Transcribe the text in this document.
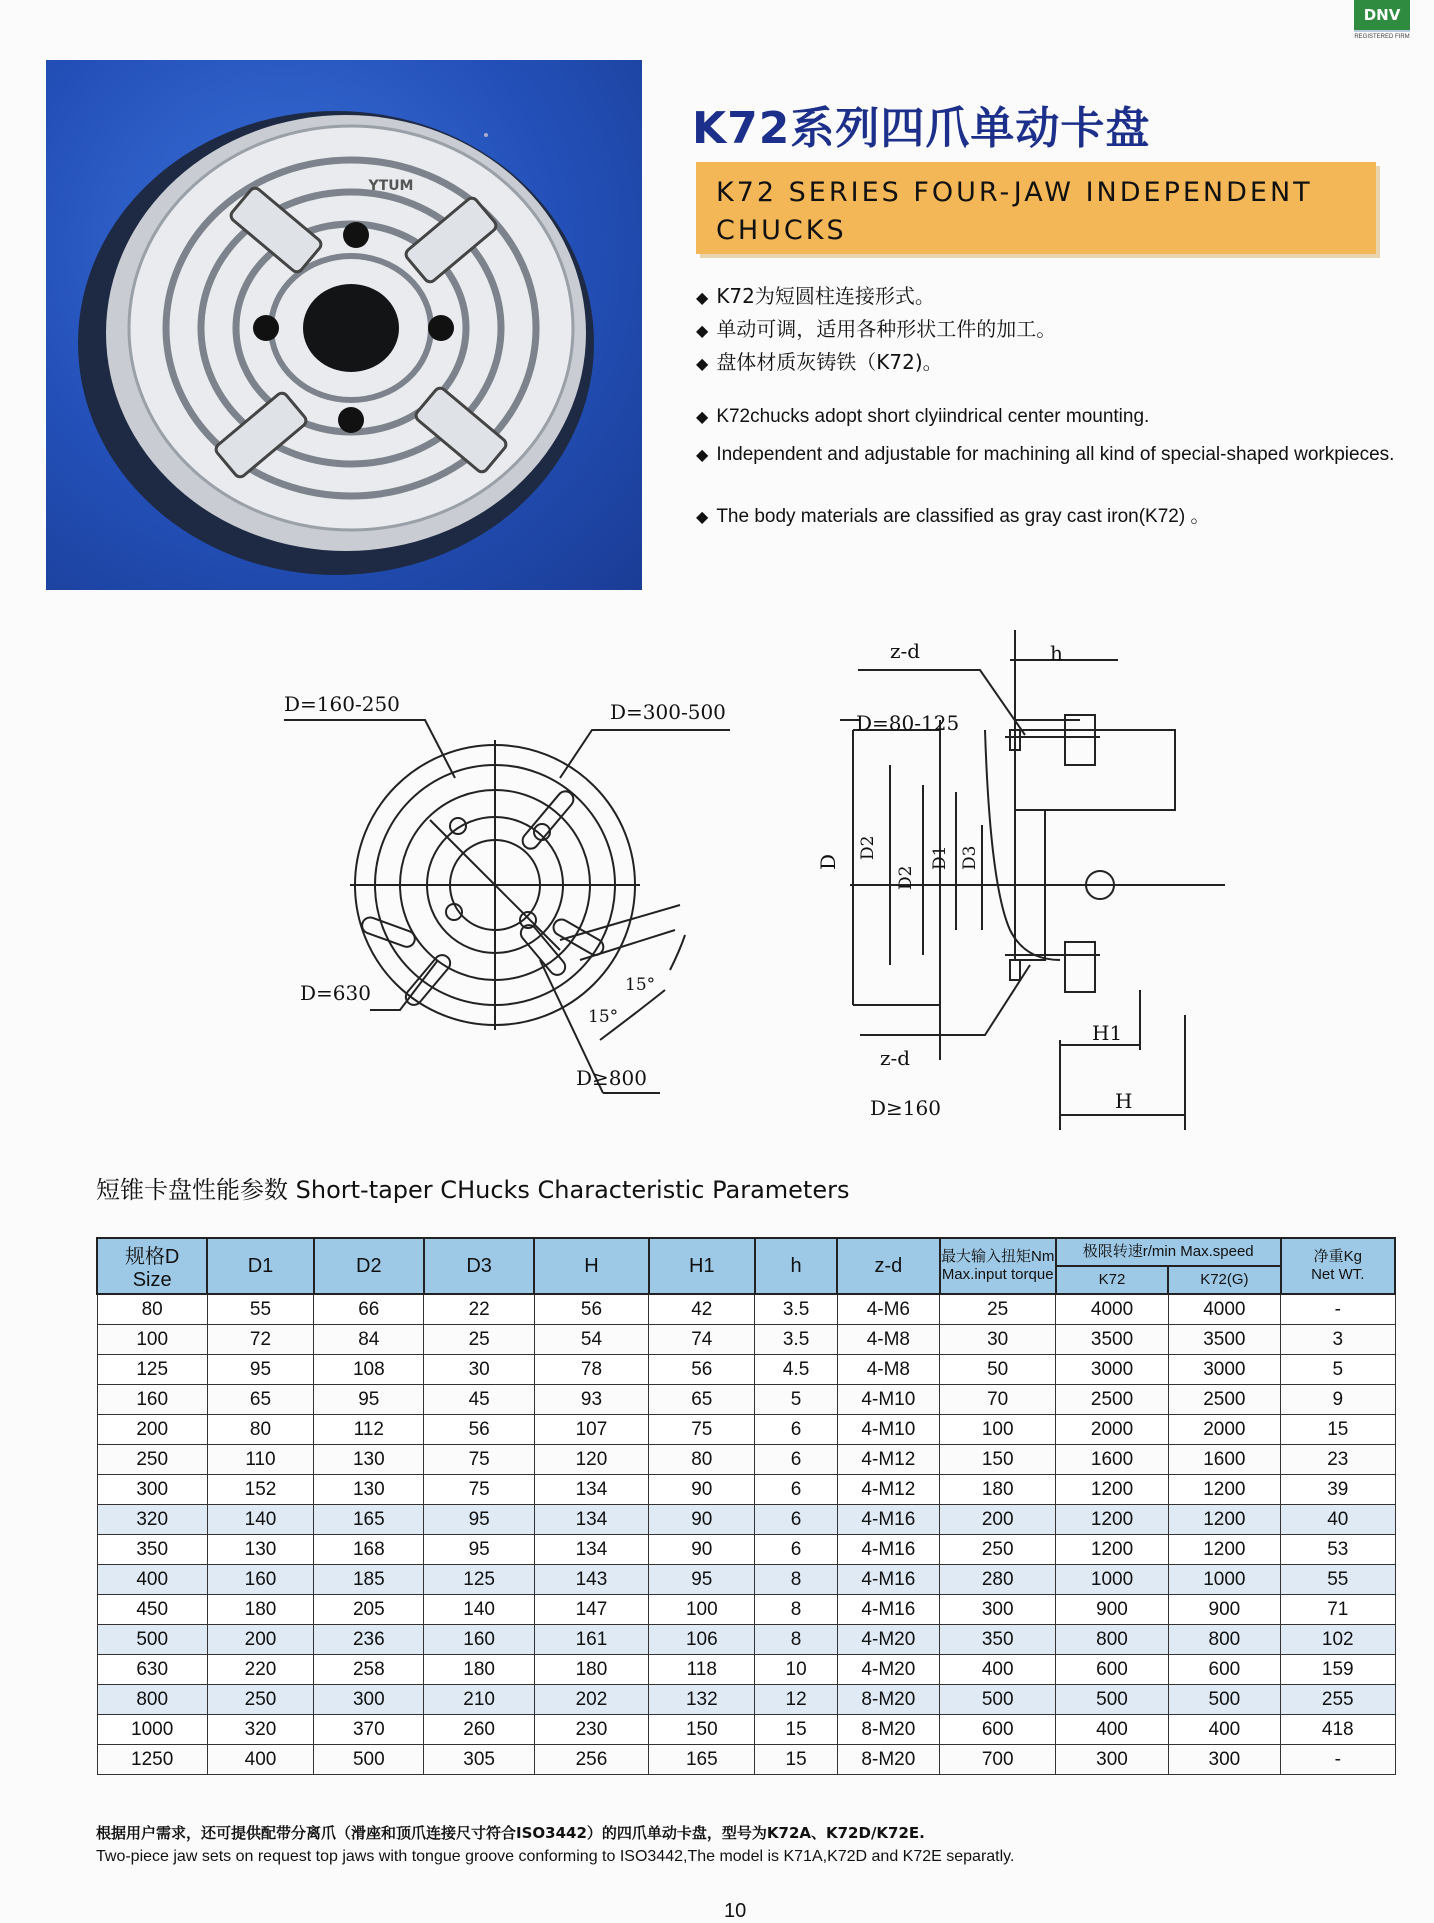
DNV
REGISTERED FIRM
YTUM
K72系列四爪单动卡盘
K72 SERIES FOUR-JAW INDEPENDENT CHUCKS
◆ K72为短圆柱连接形式。
◆ 单动可调，适用各种形状工件的加工。
◆ 盘体材质灰铸铁（K72)。
◆ K72chucks adopt short clyiindrical center mounting.
◆ Independent and adjustable for machining all kind of special-shaped workpieces.
◆ The body materials are classified as gray cast iron(K72) 。
D=160-250	D=300-500
D=630
D≥800
15°
15°
z-d	h
D=80-125
z-d
D≥160
H1
H
D
D2
D2
D1 D3
短锥卡盘性能参数 Short-taper CHucks Characteristic Parameters
规格D
Size	D1	D2	D3	H	H1	h	z-d	最大输入扭矩Nm
Max.input torque	极限转速r/min Max.speed		净重Kg
Net WT.
									K72	K72(G)	
80	55	66	22	56	42	3.5	4-M6	25	4000	4000	-
100	72	84	25	54	74	3.5	4-M8	30	3500	3500	3
125	95	108	30	78	56	4.5	4-M8	50	3000	3000	5
160	65	95	45	93	65	5	4-M10	70	2500	2500	9
200	80	112	56	107	75	6	4-M10	100	2000	2000	15
250	110	130	75	120	80	6	4-M12	150	1600	1600	23
300	152	130	75	134	90	6	4-M12	180	1200	1200	39
320	140	165	95	134	90	6	4-M16	200	1200	1200	40
350	130	168	95	134	90	6	4-M16	250	1200	1200	53
400	160	185	125	143	95	8	4-M16	280	1000	1000	55
450	180	205	140	147	100	8	4-M16	300	900	900	71
500	200	236	160	161	106	8	4-M20	350	800	800	102
630	220	258	180	180	118	10	4-M20	400	600	600	159
800	250	300	210	202	132	12	8-M20	500	500	500	255
1000	320	370	260	230	150	15	8-M20	600	400	400	418
1250	400	500	305	256	165	15	8-M20	700	300	300	-
根据用户需求，还可提供配带分离爪（滑座和顶爪连接尺寸符合ISO3442）的四爪单动卡盘，型号为K72A、K72D/K72E.
Two-piece jaw sets on request top jaws with tongue groove conforming to ISO3442,The model is K71A,K72D and K72E separatly.
10
